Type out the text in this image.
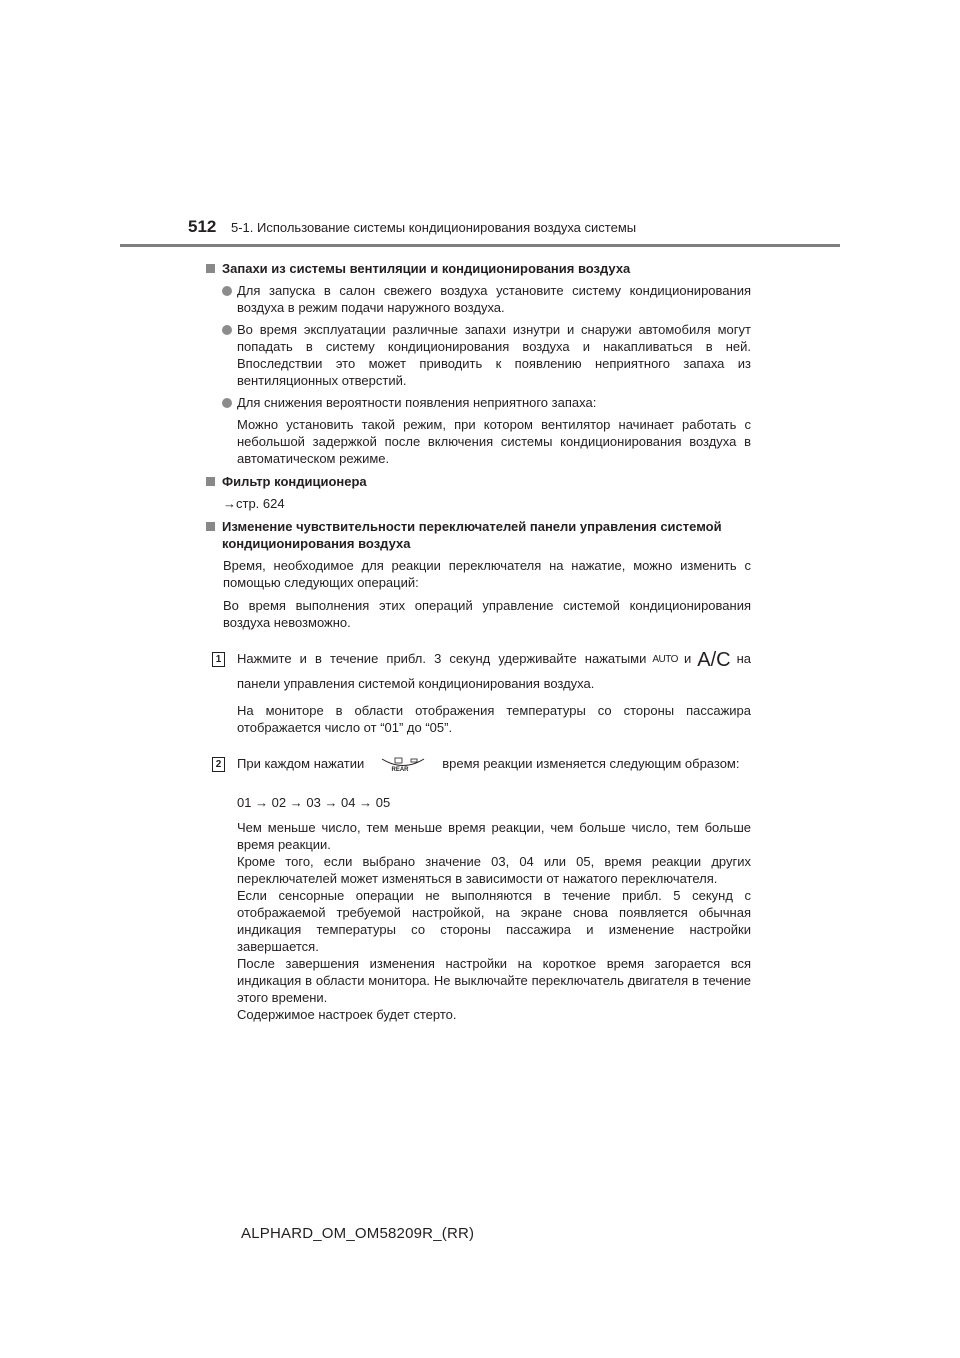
512 5-1. Использование системы кондиционирования воздуха системы
Запахи из системы вентиляции и кондиционирования воздуха
Для запуска в салон свежего воздуха установите систему кондиционирования воздуха в режим подачи наружного воздуха.
Во время эксплуатации различные запахи изнутри и снаружи автомобиля могут попадать в систему кондиционирования воздуха и накапливаться в ней. Впоследствии это может приводить к появлению неприятного запаха из вентиляционных отверстий.
Для снижения вероятности появления неприятного запаха:
Можно установить такой режим, при котором вентилятор начинает работать с небольшой задержкой после включения системы кондиционирования воздуха в автоматическом режиме.
Фильтр кондиционера
→стр. 624
Изменение чувствительности переключателей панели управления системой кондиционирования воздуха
Время, необходимое для реакции переключателя на нажатие, можно изменить с помощью следующих операций:
Во время выполнения этих операций управление системой кондиционирования воздуха невозможно.
1 Нажмите и в течение прибл. 3 секунд удерживайте нажатыми AUTO и A/C на панели управления системой кондиционирования воздуха.
На мониторе в области отображения температуры со стороны пассажира отображается число от “01” до “05”.
2 При каждом нажатии	REAR	время реакции изменяется следующим образом:
01 → 02 → 03 → 04 → 05
Чем меньше число, тем меньше время реакции, чем больше число, тем больше время реакции.
Кроме того, если выбрано значение 03, 04 или 05, время реакции других переключателей может изменяться в зависимости от нажатого переключателя.
Если сенсорные операции не выполняются в течение прибл. 5 секунд с отображаемой требуемой настройкой, на экране снова появляется обычная индикация температуры со стороны пассажира и изменение настройки завершается.
После завершения изменения настройки на короткое время загорается вся индикация в области монитора. Не выключайте переключатель двигателя в течение этого времени.
Содержимое настроек будет стерто.
ALPHARD_OM_OM58209R_(RR)
